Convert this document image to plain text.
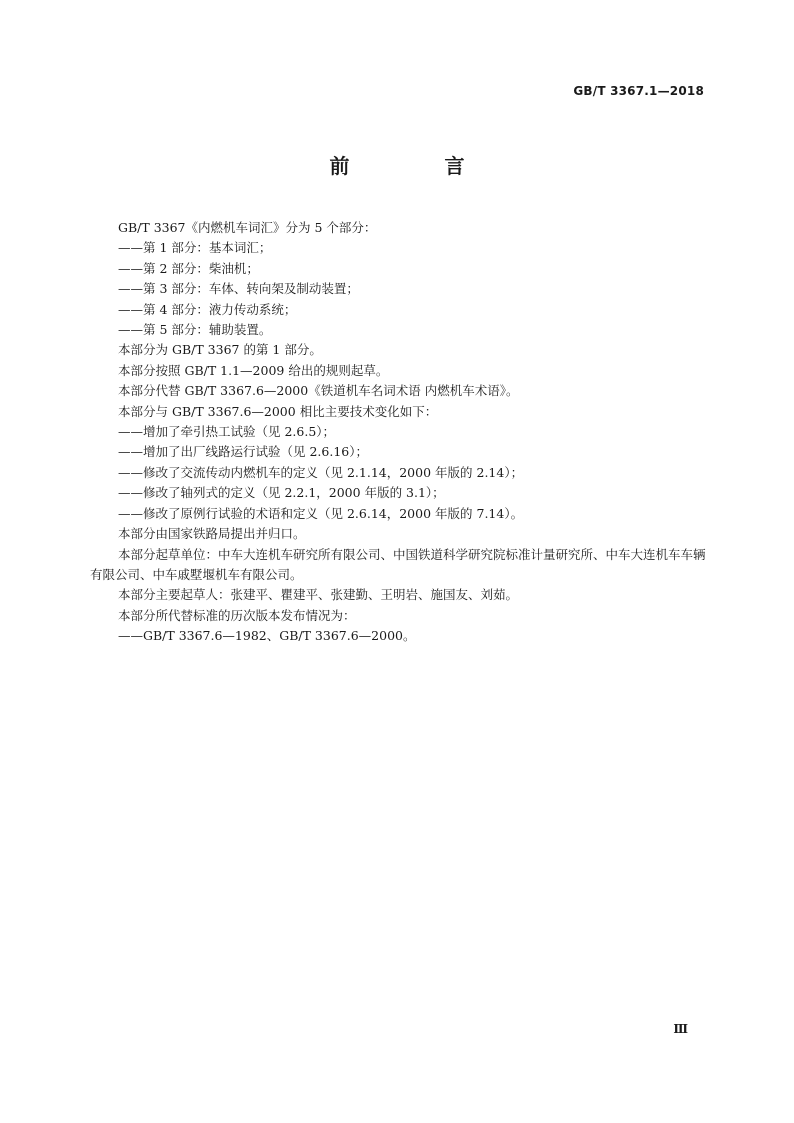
GB/T 3367.1—2018
前 言

GB/T 3367《内燃机车词汇》分为 5 个部分：

——第 1 部分：基本词汇；

——第 2 部分：柴油机；

——第 3 部分：车体、转向架及制动装置；

——第 4 部分：液力传动系统；

——第 5 部分：辅助装置。

本部分为 GB/T 3367 的第 1 部分。

本部分按照 GB/T 1.1—2009 给出的规则起草。

本部分代替 GB/T 3367.6—2000《铁道机车名词术语 内燃机车术语》。

本部分与 GB/T 3367.6—2000 相比主要技术变化如下：

——增加了牵引热工试验（见 2.6.5）；

——增加了出厂线路运行试验（见 2.6.16）；

——修改了交流传动内燃机车的定义（见 2.1.14，2000 年版的 2.14）；

——修改了轴列式的定义（见 2.2.1，2000 年版的 3.1）；

——修改了原例行试验的术语和定义（见 2.6.14，2000 年版的 7.14）。

本部分由国家铁路局提出并归口。

本部分起草单位：中车大连机车研究所有限公司、中国铁道科学研究院标准计量研究所、中车大连机车车辆有限公司、中车戚墅堰机车有限公司。

本部分主要起草人：张建平、瞿建平、张建勤、王明岩、施国友、刘茹。

本部分所代替标准的历次版本发布情况为：

——GB/T 3367.6—1982、GB/T 3367.6—2000。

Ⅲ
